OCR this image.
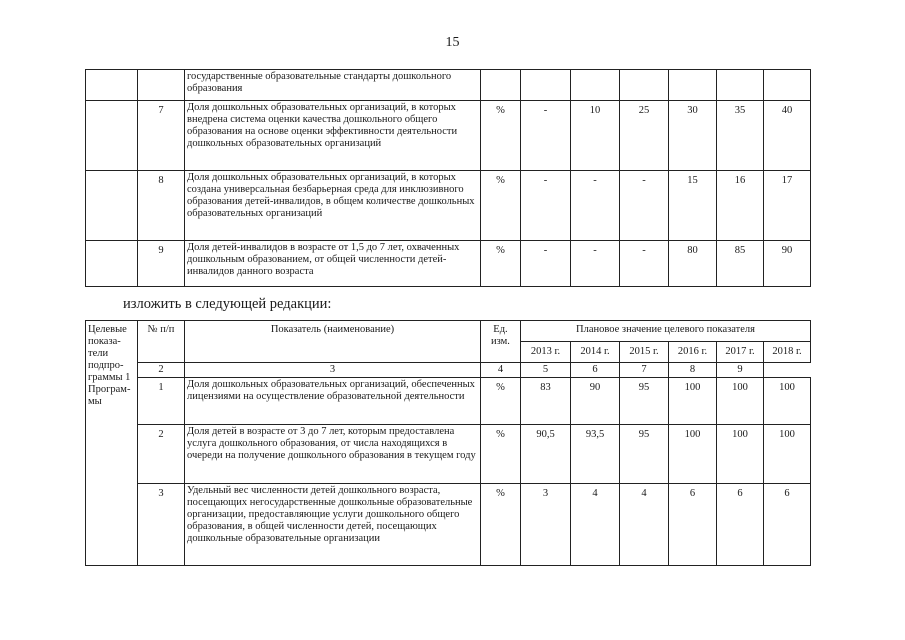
15
		государственные образовательные стандарты дошкольного образования							
	7	Доля дошкольных образовательных организаций, в которых внедрена система оценки качества дошкольного общего образования на основе оценки эффективности деятельности дошкольных образовательных организаций	%	-	10	25	30	35	40
	8	Доля дошкольных образовательных организаций, в которых создана универсальная безбарьерная среда для инклюзивного образования детей-инвалидов, в общем количестве дошкольных образовательных организаций	%	-	-	-	15	16	17
	9	Доля детей-инвалидов в возрасте от 1,5 до 7 лет, охваченных дошкольным образованием, от общей численности детей-инвалидов данного возраста	%	-	-	-	80	85	90
изложить в следующей редакции:
Целевые показа-тели подпро-граммы 1 Програм-мы	№ п/п	Показатель (наименование)	Ед. изм.	Плановое значение целевого показателя					
				2013 г.	2014 г.	2015 г.	2016 г.	2017 г.	2018 г.
	2	3	4	5	6	7	8	9	
	1	Доля дошкольных образовательных организаций, обеспеченных лицензиями на осуществление образовательной деятельности	%	83	90	95	100	100	100
	2	Доля детей в возрасте от 3 до 7 лет, которым предоставлена услуга дошкольного образования, от числа находящихся в очереди на получение дошкольного образования в текущем году	%	90,5	93,5	95	100	100	100
	3	Удельный вес численности детей дошкольного возраста, посещающих негосударственные дошкольные образовательные организации, предоставляющие услуги дошкольного общего образования, в общей численности детей, посещающих дошкольные образовательные организации	%	3	4	4	6	6	6
